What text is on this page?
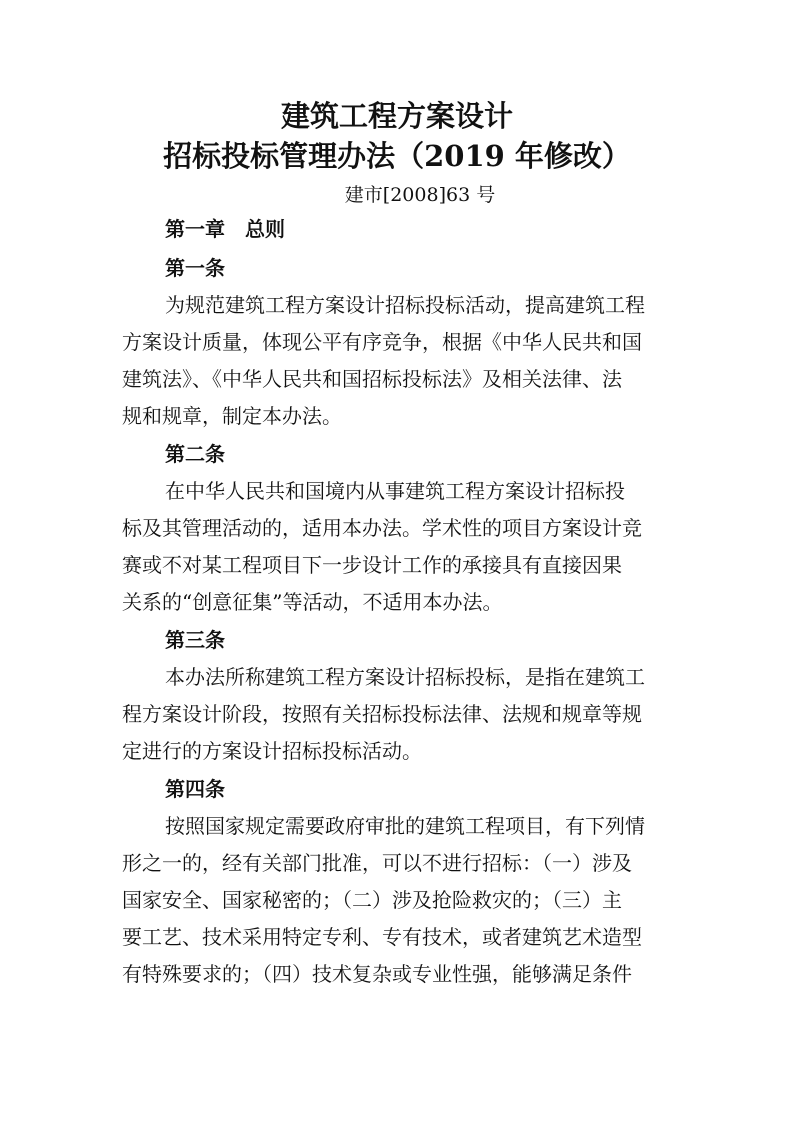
建筑工程方案设计
招标投标管理办法（2019 年修改）
建市[2008]63 号
第一章　总则
第一条
为规范建筑工程方案设计招标投标活动，提高建筑工程
方案设计质量，体现公平有序竞争，根据《中华人民共和国
建筑法》、《中华人民共和国招标投标法》及相关法律、法
规和规章，制定本办法。
第二条
在中华人民共和国境内从事建筑工程方案设计招标投
标及其管理活动的，适用本办法。学术性的项目方案设计竞
赛或不对某工程项目下一步设计工作的承接具有直接因果
关系的“创意征集”等活动，不适用本办法。
第三条
本办法所称建筑工程方案设计招标投标，是指在建筑工
程方案设计阶段，按照有关招标投标法律、法规和规章等规
定进行的方案设计招标投标活动。
第四条
按照国家规定需要政府审批的建筑工程项目，有下列情
形之一的，经有关部门批准，可以不进行招标：（一）涉及
国家安全、国家秘密的；（二）涉及抢险救灾的；（三）主
要工艺、技术采用特定专利、专有技术，或者建筑艺术造型
有特殊要求的；（四）技术复杂或专业性强，能够满足条件
